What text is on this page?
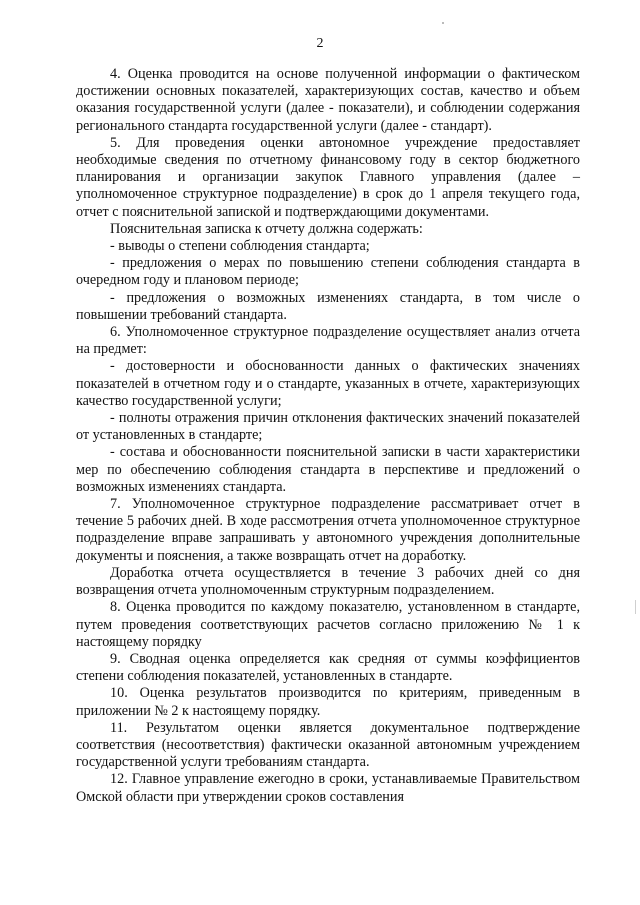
2

4. Оценка проводится на основе полученной информации о фактическом достижении основных показателей, характеризующих состав, качество и объем оказания государственной услуги (далее - показатели), и соблюдении содержания регионального стандарта государственной услуги (далее - стандарт).

5. Для проведения оценки автономное учреждение предоставляет необходимые сведения по отчетному финансовому году в сектор бюджетного планирования и организации закупок Главного управления (далее – уполномоченное структурное подразделение) в срок до 1 апреля текущего года, отчет с пояснительной запиской и подтверждающими документами.

Пояснительная записка к отчету должна содержать:

- выводы о степени соблюдения стандарта;

- предложения о мерах по повышению степени соблюдения стандарта в очередном году и плановом периоде;

- предложения о возможных изменениях стандарта, в том числе о повышении требований стандарта.

6. Уполномоченное структурное подразделение осуществляет анализ отчета на предмет:

- достоверности и обоснованности данных о фактических значениях показателей в отчетном году и о стандарте, указанных в отчете, характеризующих качество государственной услуги;

- полноты отражения причин отклонения фактических значений показателей от установленных в стандарте;

- состава и обоснованности пояснительной записки в части характеристики мер по обеспечению соблюдения стандарта в перспективе и предложений о возможных изменениях стандарта.

7. Уполномоченное структурное подразделение рассматривает отчет в течение 5 рабочих дней. В ходе рассмотрения отчета уполномоченное структурное подразделение вправе запрашивать у автономного учреждения дополнительные документы и пояснения, а также возвращать отчет на доработку.

Доработка отчета осуществляется в течение 3 рабочих дней со дня возвращения отчета уполномоченным структурным подразделением.

8. Оценка проводится по каждому показателю, установленном в стандарте, путем проведения соответствующих расчетов согласно приложению № 1 к настоящему порядку

9. Сводная оценка определяется как средняя от суммы коэффициентов степени соблюдения показателей, установленных в стандарте.

10. Оценка результатов производится по критериям, приведенным в приложении № 2 к настоящему порядку.

11. Результатом оценки является документальное подтверждение соответствия (несоответствия) фактически оказанной автономным учреждением государственной услуги требованиям стандарта.

12. Главное управление ежегодно в сроки, устанавливаемые Правительством Омской области при утверждении сроков составления
